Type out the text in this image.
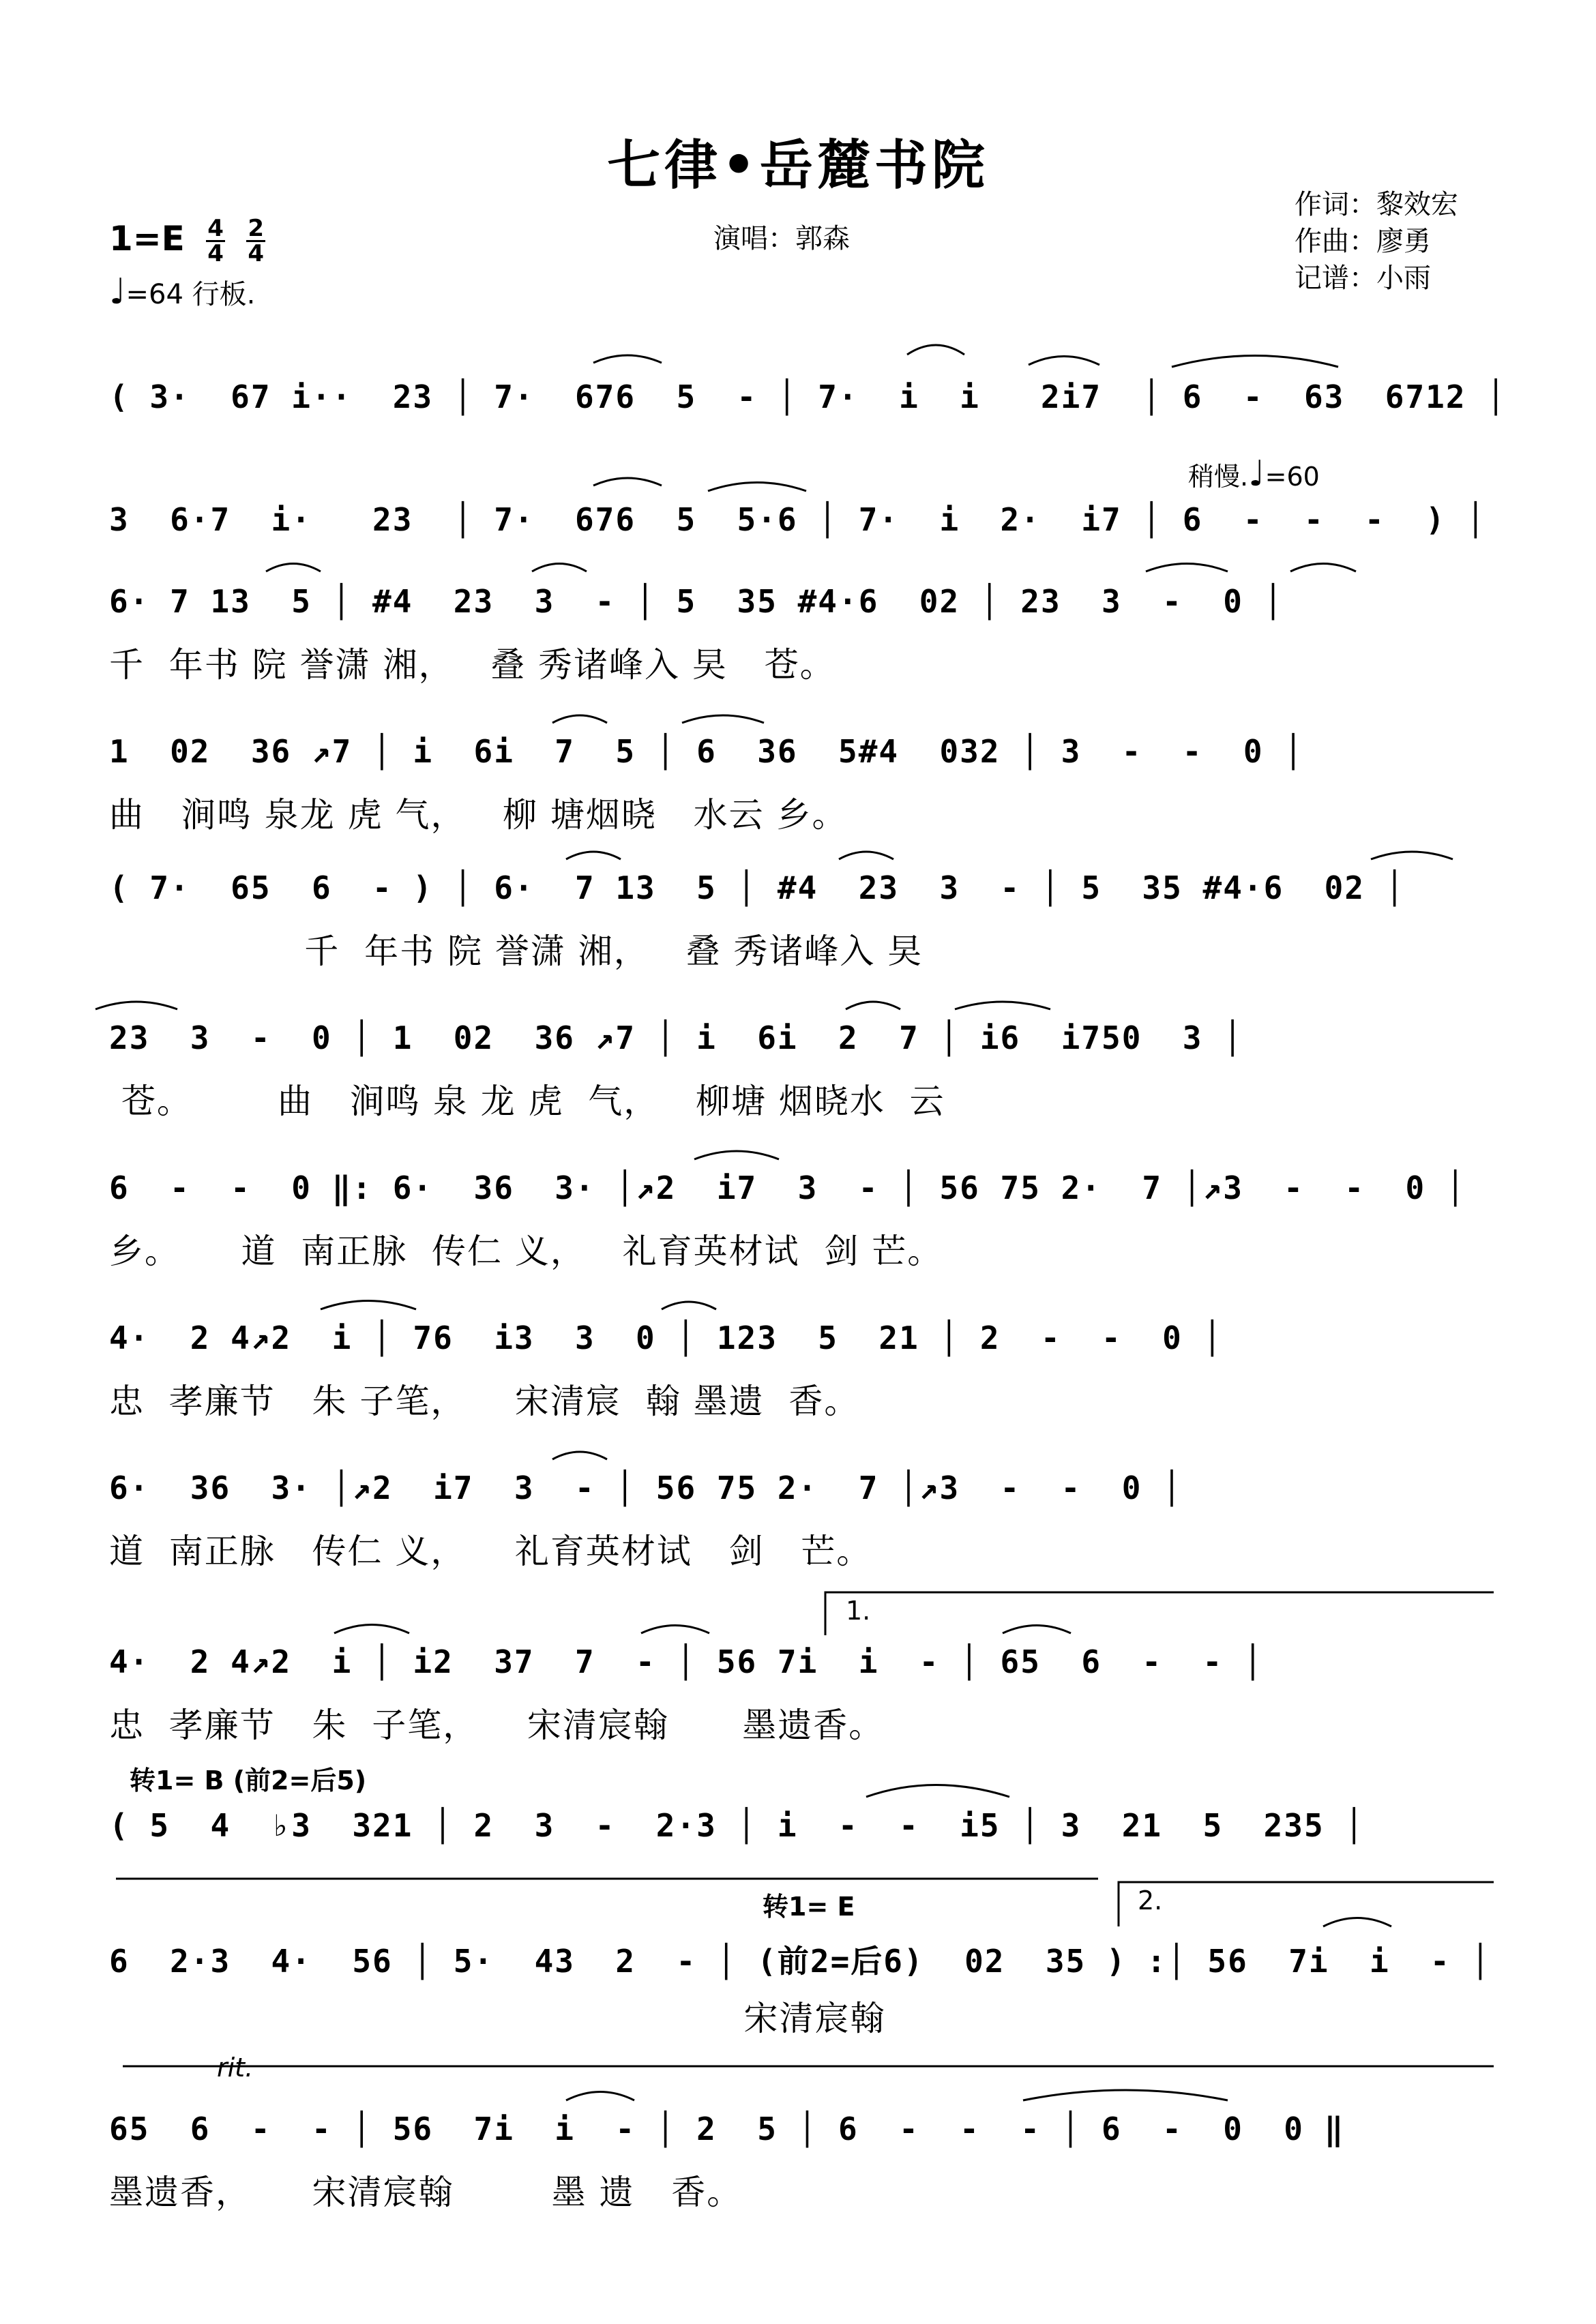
七律•岳麓书院
作词：黎效宏
作曲：廖勇
记谱：小雨
演唱：郭森
$1=E \frac{4}{4}$
$\frac{2}{4}$
♩=64 行板.
( 3·  67 i··  23 │ 7·  676  5  - │ 7·  i  i   2i7  │ 6  -  63  6712 │
稍慢.♩=60
3  6·7  i·   23  │ 7·  676  5  5·6 │ 7·  i  2·  i7 │ 6  -  -  -  ) │
6· 7 13  5 │ #4  23  3  - │ 5  35 #4·6  02 │ 23  3  -  0 │
千  年书 院 誉潇 湘，   叠 秀诸峰入 旲   苍。
1  02  36 ↗7 │ i  6i  7  5 │ 6  36  5#4  032 │ 3  -  -  0 │
曲   涧鸣 泉龙 虎 气，   柳 塘烟晓   水云 乡。
( 7·  65  6  - ) │ 6·  7 13  5 │ #4  23  3  - │ 5  35 #4·6  02 │
千  年书 院 誉潇 湘，   叠 秀诸峰入 旲
23  3  -  0 │ 1  02  36 ↗7 │ i  6i  2  7 │ i6  i750  3 │
苍。       曲   涧鸣 泉 龙 虎  气，   柳塘 烟晓水  云
6  -  -  0 ‖: 6·  36  3· │↗2  i7  3  - │ 56 75 2·  7 │↗3  -  -  0 │
乡。     道  南正脉  传仁 义，   礼育英材试  剑 芒。
4·  2 4↗2  i │ 76  i3  3  0 │ 123  5  21 │ 2  -  -  0 │
忠  孝廉节   朱 子笔，    宋清宸  翰 墨遗  香。
6·  36  3· │↗2  i7  3  - │ 56 75 2·  7 │↗3  -  -  0 │
道  南正脉   传仁 义，    礼育英材试   剑   芒。
1.
4·  2 4↗2  i │ i2  37  7  - │ 56 7i  i  - │ 65  6  -  - │
忠  孝廉节   朱  子笔，    宋清宸翰      墨遗香。
转1= B (前2=后5)
( 5  4  ♭3  321 │ 2  3  -  2·3 │ i  -  -  i5 │ 3  21  5  235 │
转1= E	2.
6  2·3  4·  56 │ 5·  43  2  - │ (前2=后6)  02  35 ) :│ 56  7i  i  - │
宋清宸翰
rit.
65  6  -  - │ 56  7i  i  - │ 2  5 │ 6  -  -  - │ 6  -  0  0 ‖
墨遗香，     宋清宸翰        墨 遗   香。
